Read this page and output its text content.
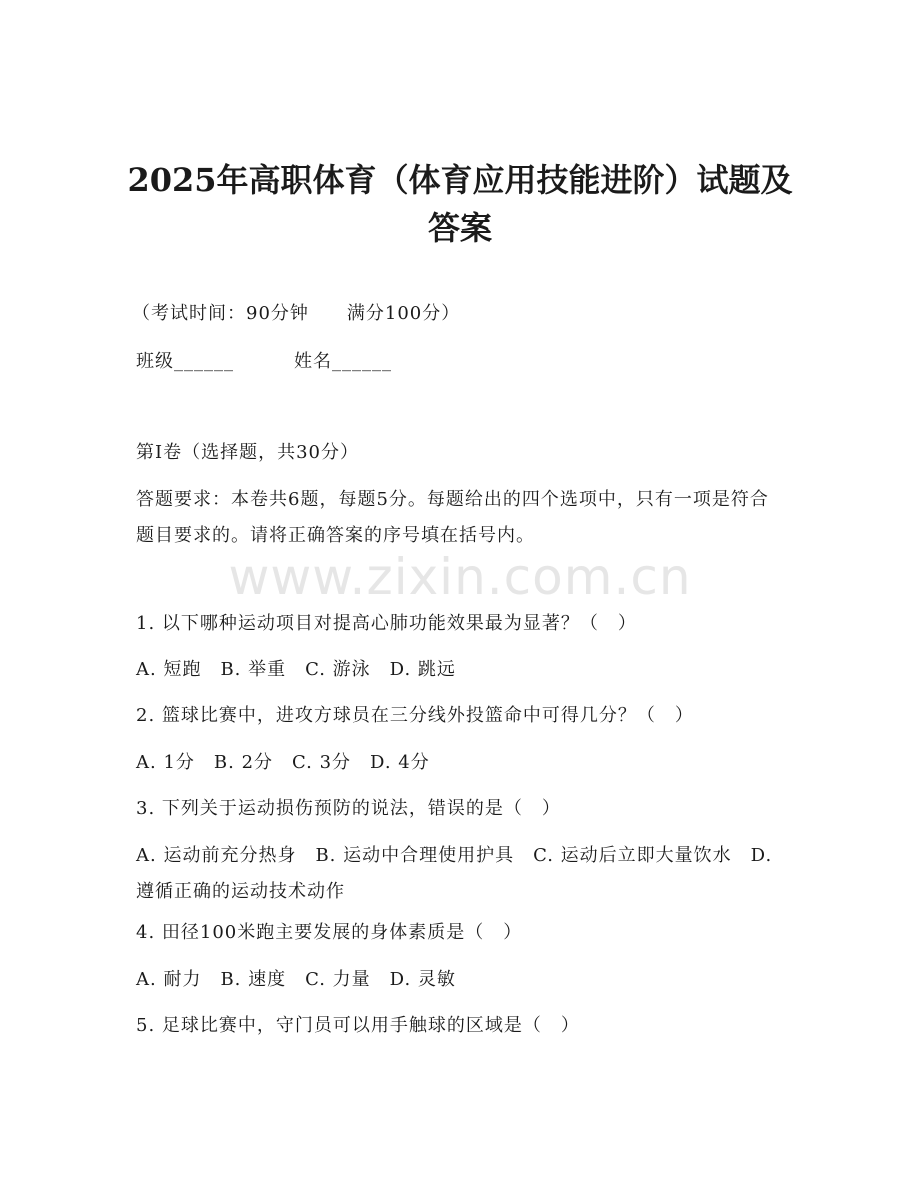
www.zixin.com.cn
2025年高职体育（体育应用技能进阶）试题及答案
（考试时间：90分钟　　满分100分）
班级______	姓名______
第Ⅰ卷（选择题，共30分）
答题要求：本卷共6题，每题5分。每题给出的四个选项中，只有一项是符合题目要求的。请将正确答案的序号填在括号内。
1. 以下哪种运动项目对提高心肺功能效果最为显著？（　）
A. 短跑　B. 举重　C. 游泳　D. 跳远
2. 篮球比赛中，进攻方球员在三分线外投篮命中可得几分？（　）
A. 1分　B. 2分　C. 3分　D. 4分
3. 下列关于运动损伤预防的说法，错误的是（　）
A. 运动前充分热身　B. 运动中合理使用护具　C. 运动后立即大量饮水　D. 遵循正确的运动技术动作
4. 田径100米跑主要发展的身体素质是（　）
A. 耐力　B. 速度　C. 力量　D. 灵敏
5. 足球比赛中，守门员可以用手触球的区域是（　）
